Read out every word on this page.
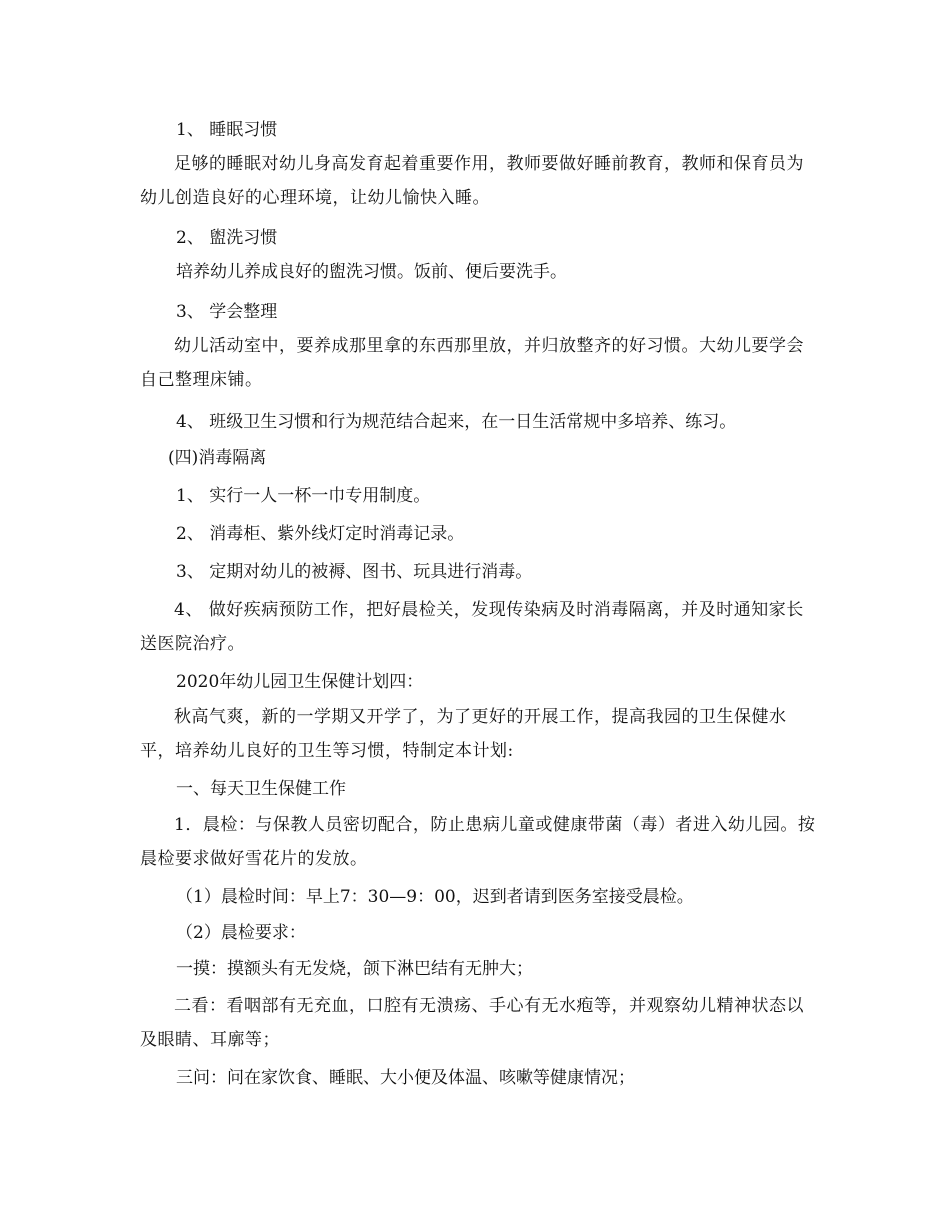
1、 睡眠习惯
足够的睡眠对幼儿身高发育起着重要作用，教师要做好睡前教育，教师和保育员为幼儿创造良好的心理环境，让幼儿愉快入睡。
2、 盥洗习惯
培养幼儿养成良好的盥洗习惯。饭前、便后要洗手。
3、 学会整理
幼儿活动室中，要养成那里拿的东西那里放，并归放整齐的好习惯。大幼儿要学会自己整理床铺。
4、 班级卫生习惯和行为规范结合起来，在一日生活常规中多培养、练习。
(四)消毒隔离
1、 实行一人一杯一巾专用制度。
2、 消毒柜、紫外线灯定时消毒记录。
3、 定期对幼儿的被褥、图书、玩具进行消毒。
4、 做好疾病预防工作，把好晨检关，发现传染病及时消毒隔离，并及时通知家长送医院治疗。
2020年幼儿园卫生保健计划四：
秋高气爽，新的一学期又开学了，为了更好的开展工作，提高我园的卫生保健水平，培养幼儿良好的卫生等习惯，特制定本计划:
一、每天卫生保健工作
1．晨检：与保教人员密切配合，防止患病儿童或健康带菌（毒）者进入幼儿园。按晨检要求做好雪花片的发放。
（1）晨检时间：早上7：30—9：00，迟到者请到医务室接受晨检。
（2）晨检要求：
一摸：摸额头有无发烧，颌下淋巴结有无肿大；
二看：看咽部有无充血，口腔有无溃疡、手心有无水疱等，并观察幼儿精神状态以及眼睛、耳廓等；
三问：问在家饮食、睡眠、大小便及体温、咳嗽等健康情况；
